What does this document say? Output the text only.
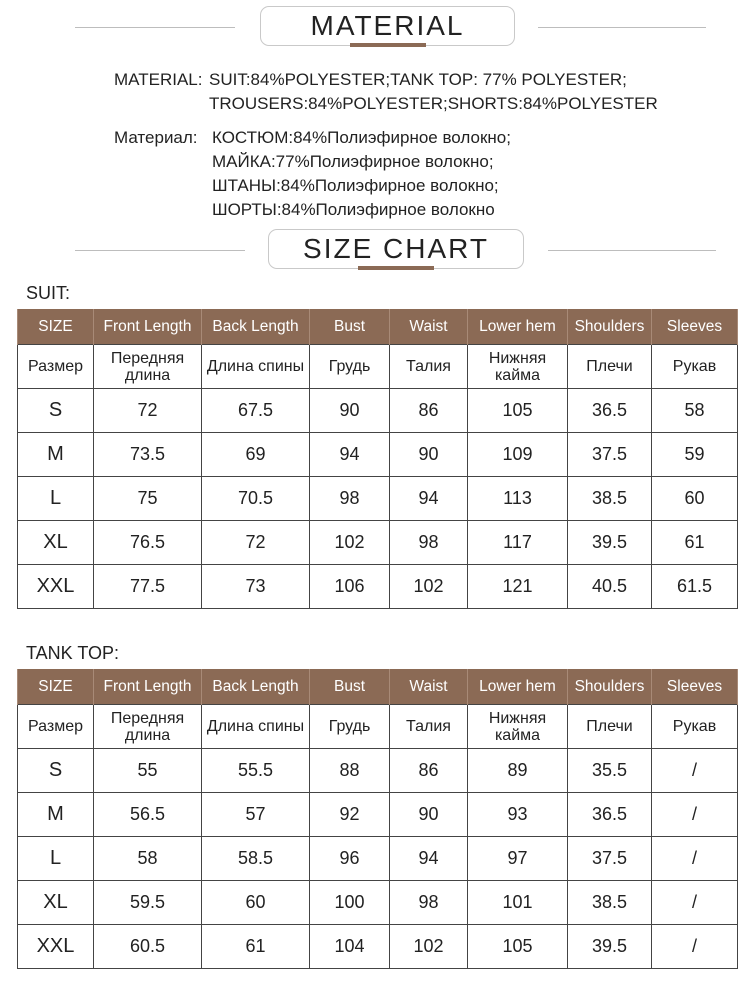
MATERIAL
MATERIAL: SUIT:84%POLYESTER;TANK TOP: 77% POLYESTER;
TROUSERS:84%POLYESTER;SHORTS:84%POLYESTER
Материал: КОСТЮМ:84%Полиэфирное волокно;
МАЙКА:77%Полиэфирное волокно;
ШТАНЫ:84%Полиэфирное волокно;
ШОРТЫ:84%Полиэфирное волокно
SIZE CHART
SUIT:
SIZE	Front Length	Back Length	Bust	Waist	Lower hem	Shoulders	Sleeves
Размер	Передняя длина	Длина спины	Грудь	Талия	Нижняя кайма	Плечи	Рукав
S	72	67.5	90	86	105	36.5	58
M	73.5	69	94	90	109	37.5	59
L	75	70.5	98	94	113	38.5	60
XL	76.5	72	102	98	117	39.5	61
XXL	77.5	73	106	102	121	40.5	61.5
TANK TOP:
SIZE	Front Length	Back Length	Bust	Waist	Lower hem	Shoulders	Sleeves
Размер	Передняя длина	Длина спины	Грудь	Талия	Нижняя кайма	Плечи	Рукав
S	55	55.5	88	86	89	35.5	/
M	56.5	57	92	90	93	36.5	/
L	58	58.5	96	94	97	37.5	/
XL	59.5	60	100	98	101	38.5	/
XXL	60.5	61	104	102	105	39.5	/
